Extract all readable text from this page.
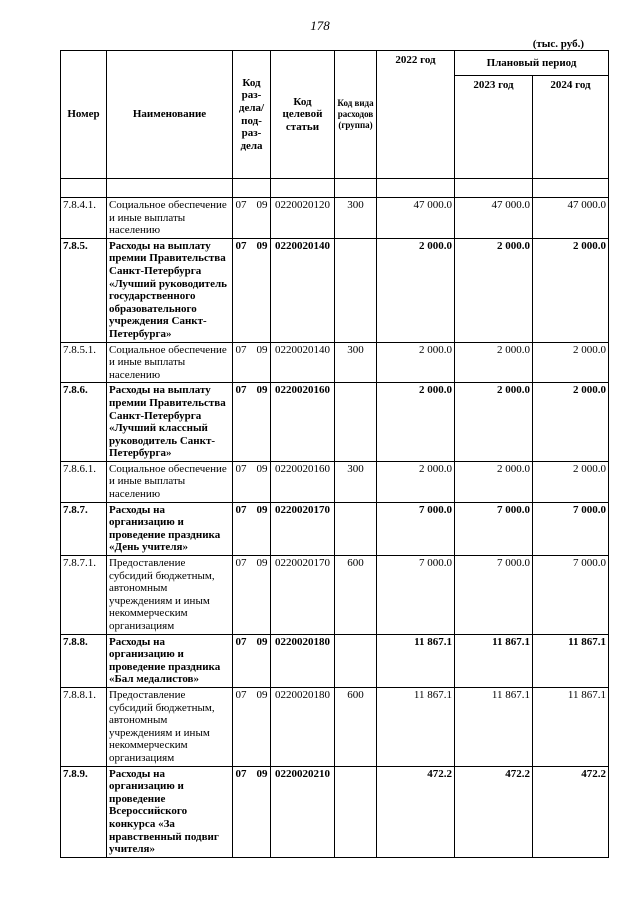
178
(тыс. руб.)
Номер	Наименование	Код раз-дела/ под-раз-дела	Код целевой статьи	Код вида расходов (группа)	2022 год	Плановый период	
						2023 год	2024 год

7.8.4.1.	Социальное обеспечение и иные выплаты населению	07 09	0220020120	300	47 000.0	47 000.0	47 000.0
7.8.5.	Расходы на выплату премии Правительства Санкт-Петербурга «Лучший руководитель государственного образовательного учреждения Санкт-Петербурга»	07 09	0220020140		2 000.0	2 000.0	2 000.0
7.8.5.1.	Социальное обеспечение и иные выплаты населению	07 09	0220020140	300	2 000.0	2 000.0	2 000.0
7.8.6.	Расходы на выплату премии Правительства Санкт-Петербурга «Лучший классный руководитель Санкт-Петербурга»	07 09	0220020160		2 000.0	2 000.0	2 000.0
7.8.6.1.	Социальное обеспечение и иные выплаты населению	07 09	0220020160	300	2 000.0	2 000.0	2 000.0
7.8.7.	Расходы на организацию и проведение праздника «День учителя»	07 09	0220020170		7 000.0	7 000.0	7 000.0
7.8.7.1.	Предоставление субсидий бюджетным, автономным учреждениям и иным некоммерческим организациям	07 09	0220020170	600	7 000.0	7 000.0	7 000.0
7.8.8.	Расходы на организацию и проведение праздника «Бал медалистов»	07 09	0220020180		11 867.1	11 867.1	11 867.1
7.8.8.1.	Предоставление субсидий бюджетным, автономным учреждениям и иным некоммерческим организациям	07 09	0220020180	600	11 867.1	11 867.1	11 867.1
7.8.9.	Расходы на организацию и проведение Всероссийского конкурса «За нравственный подвиг учителя»	07 09	0220020210		472.2	472.2	472.2
